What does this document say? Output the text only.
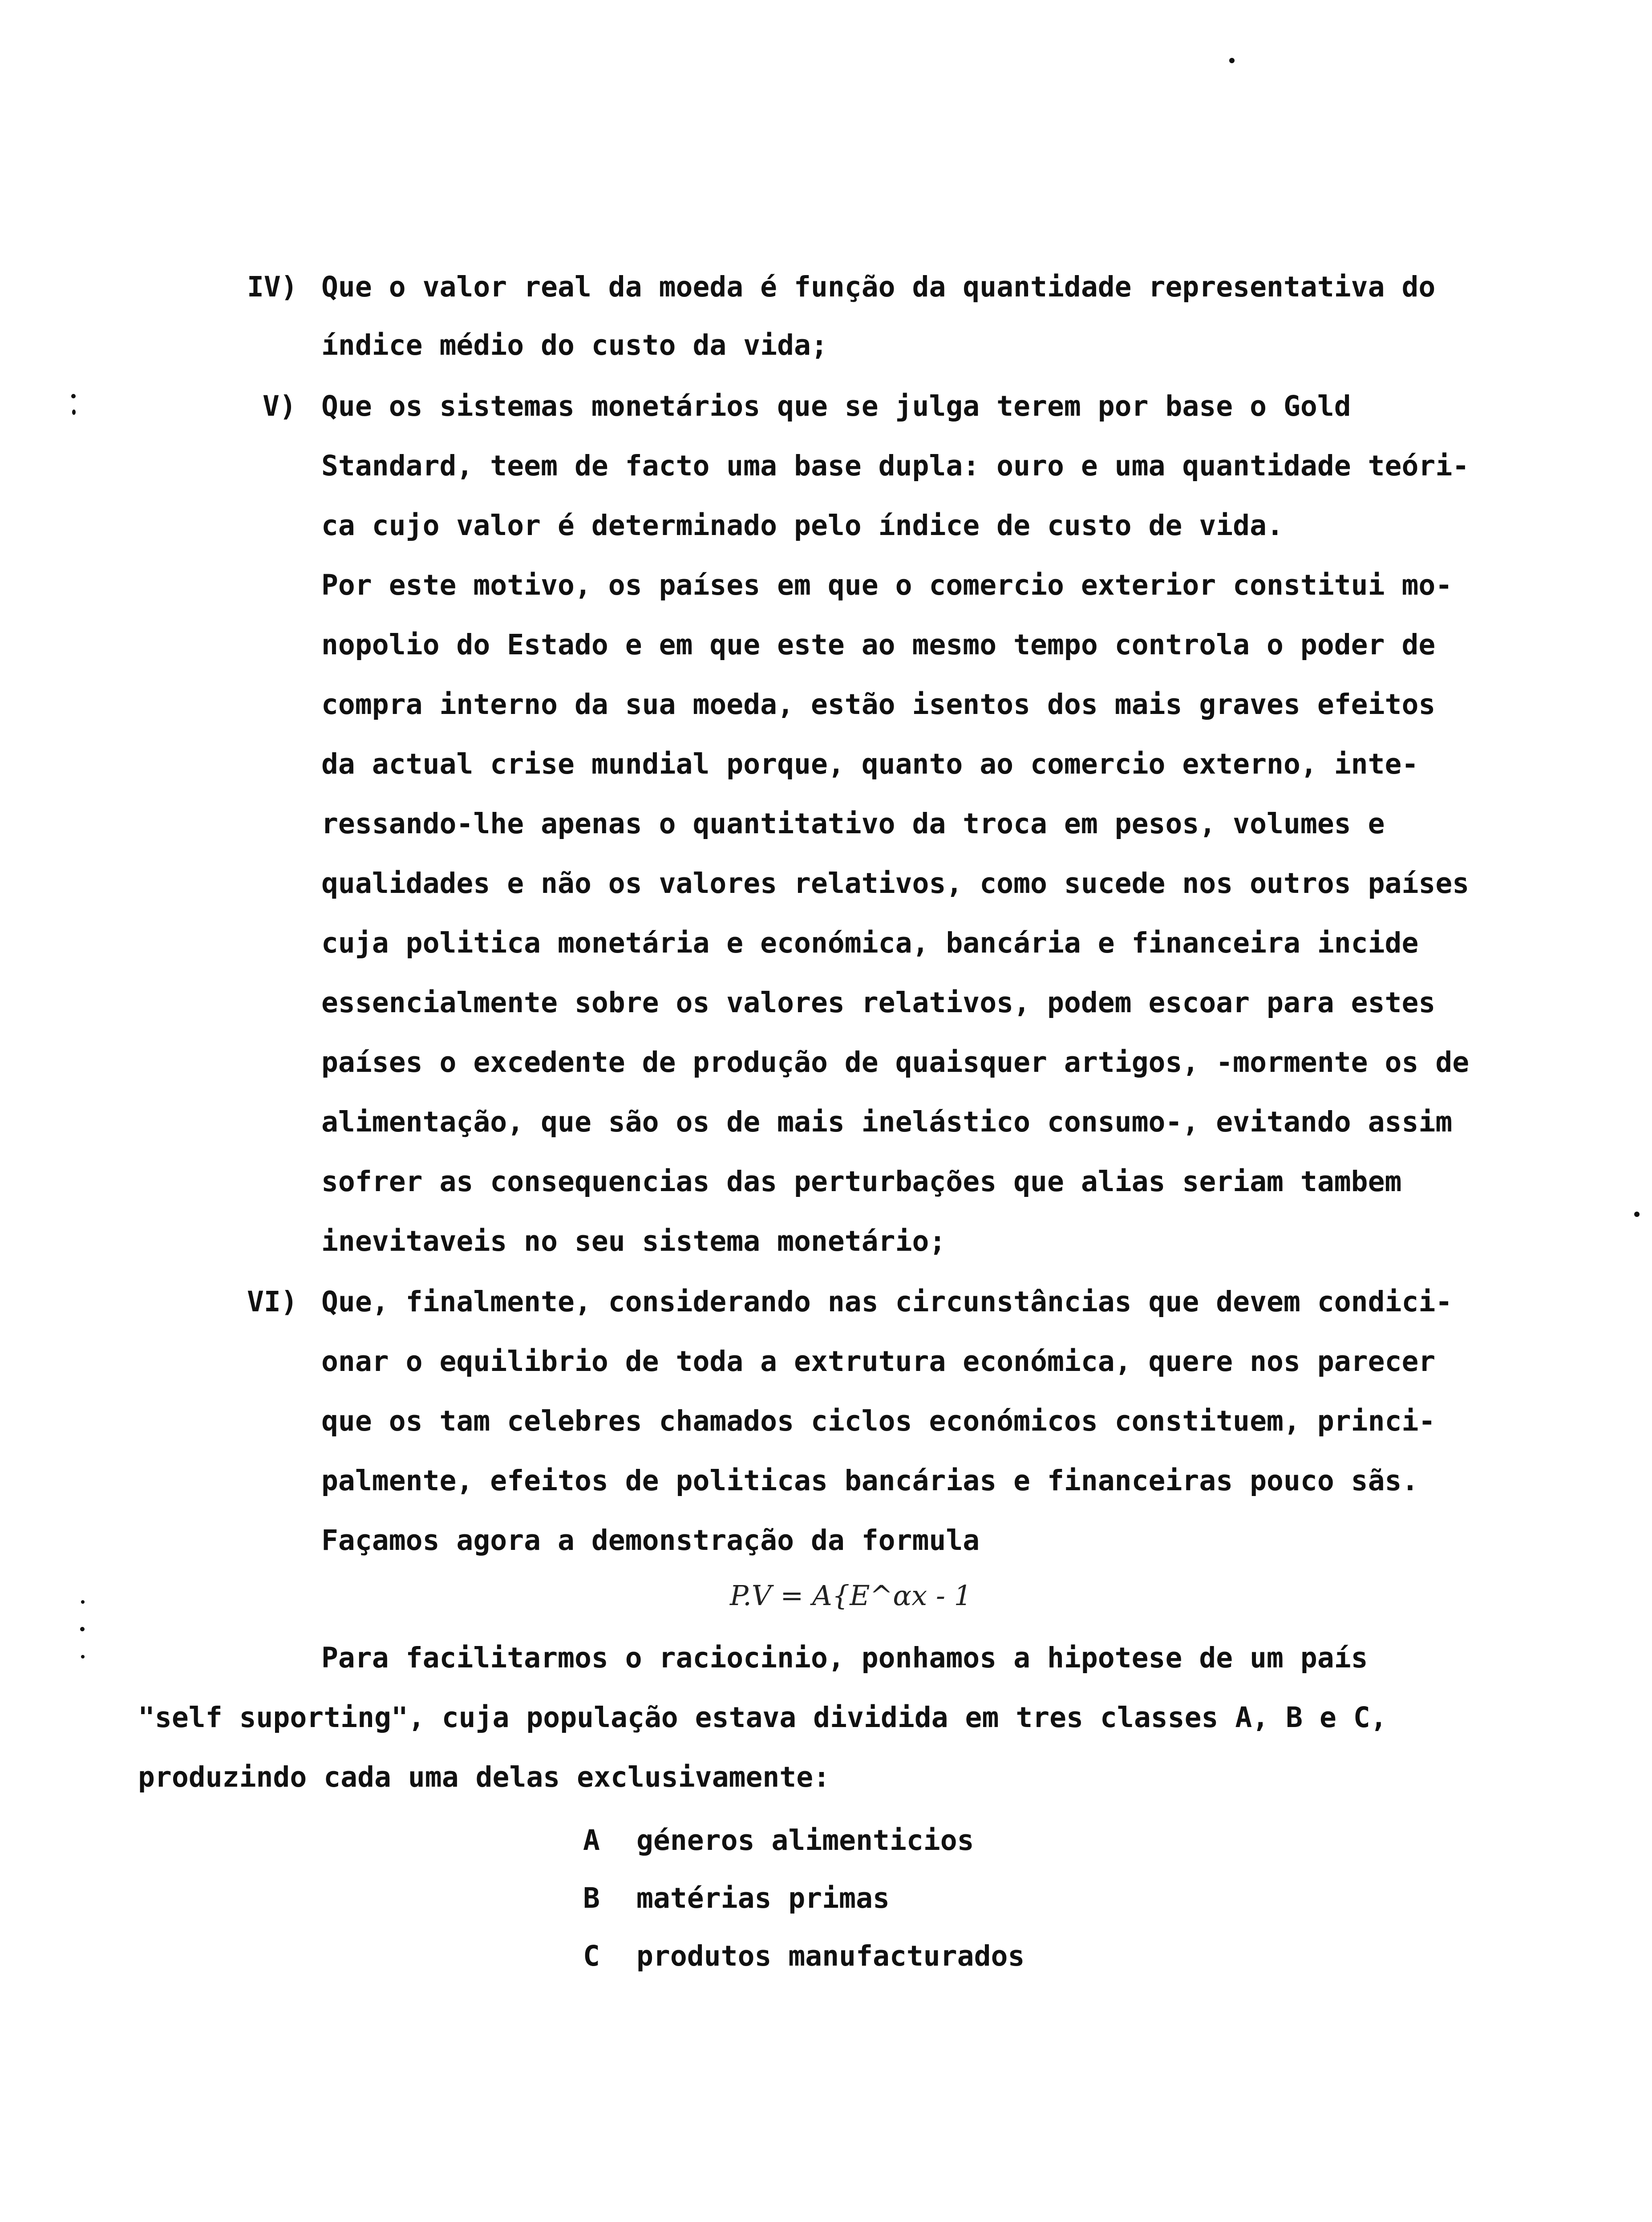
IV) Que o valor real da moeda é função da quantidade representativa do
índice médio do custo da vida;
V) Que os sistemas monetários que se julga terem por base o Gold
Standard, teem de facto uma base dupla: ouro e uma quantidade teóri-
ca cujo valor é determinado pelo índice de custo de vida.
Por este motivo, os países em que o comercio exterior constitui mo-
nopolio do Estado e em que este ao mesmo tempo controla o poder de
compra interno da sua moeda, estão isentos dos mais graves efeitos
da actual crise mundial porque, quanto ao comercio externo, inte-
ressando-lhe apenas o quantitativo da troca em pesos, volumes e
qualidades e não os valores relativos, como sucede nos outros países
cuja politica monetária e económica, bancária e financeira incide
essencialmente sobre os valores relativos, podem escoar para estes
países o excedente de produção de quaisquer artigos, -mormente os de
alimentação, que são os de mais inelástico consumo-, evitando assim
sofrer as consequencias das perturbações que alias seriam tambem
inevitaveis no seu sistema monetário;
VI) Que, finalmente, considerando nas circunstâncias que devem condici-
onar o equilibrio de toda a extrutura económica, quere nos parecer
que os tam celebres chamados ciclos económicos constituem, princi-
palmente, efeitos de politicas bancárias e financeiras pouco sãs.
Façamos agora a demonstração da formula
P.V = A{E^αx - 1
Para facilitarmos o raciocinio, ponhamos a hipotese de um país
"self suporting", cuja população estava dividida em tres classes A, B e C,
produzindo cada uma delas exclusivamente:
A géneros alimenticios
B matérias primas
C produtos manufacturados
